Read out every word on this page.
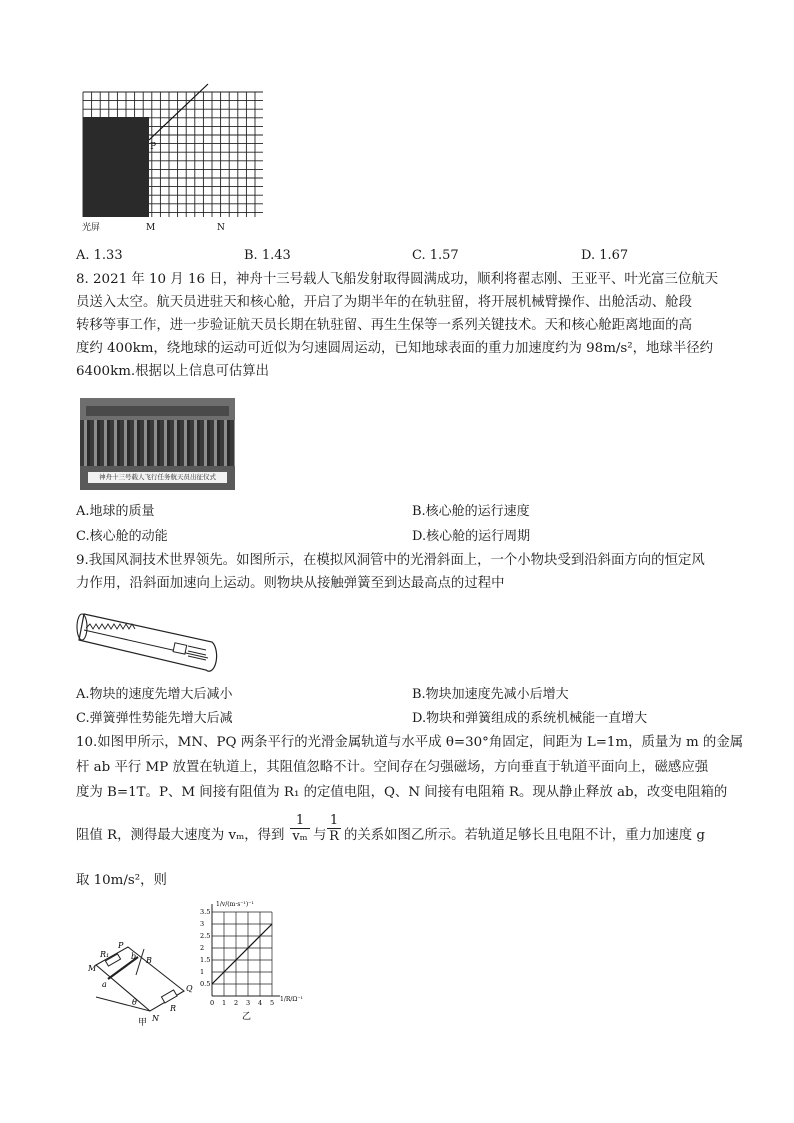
P
光屏	M	N
A. 1.33	B. 1.43	C. 1.57	D. 1.67
8. 2021 年 10 月 16 日，神舟十三号载人飞船发射取得圆满成功，顺利将翟志刚、王亚平、叶光富三位航天
员送入太空。航天员进驻天和核心舱，开启了为期半年的在轨驻留，将开展机械臂操作、出舱活动、舱段
转移等事工作，进一步验证航天员长期在轨驻留、再生生保等一系列关键技术。天和核心舱距离地面的高
度约 400km，绕地球的运动可近似为匀速圆周运动，已知地球表面的重力加速度约为 98m/s²，地球半径约
6400km.根据以上信息可估算出
神舟十三号载人飞行任务航天员出征仪式
A.地球的质量	B.核心舱的运行速度
C.核心舱的动能	D.核心舱的运行周期
9.我国风洞技术世界领先。如图所示，在模拟风洞管中的光滑斜面上，一个小物块受到沿斜面方向的恒定风
力作用，沿斜面加速向上运动。则物块从接触弹簧至到达最高点的过程中
A.物块的速度先增大后减小	B.物块加速度先减小后增大
C.弹簧弹性势能先增大后减	D.物块和弹簧组成的系统机械能一直增大
10.如图甲所示，MN、PQ 两条平行的光滑金属轨道与水平成 θ=30°角固定，间距为 L=1m，质量为 m 的金属
杆 ab 平行 MP 放置在轨道上，其阻值忽略不计。空间存在匀强磁场，方向垂直于轨道平面向上，磁感应强
度为 B=1T。P、M 间接有阻值为 R₁ 的定值电阻，Q、N 间接有电阻箱 R。现从静止释放 ab，改变电阻箱的
阻值 R，测得最大速度为 vₘ，得到 $\frac{1}{\text{vₘ}}$ 与 $\frac{1}{R}$ 的关系如图乙所示。若轨道足够长且电阻不计，重力加速度 g
取 10m/s²，则
R₁
P
b B
M
a
θ
N
Q
R
甲
0 1 2 3 4 5
0.5
1
1.5
2
2.5
3
3.5
1/v/(m·s⁻¹)⁻¹
1/R/Ω⁻¹
乙
